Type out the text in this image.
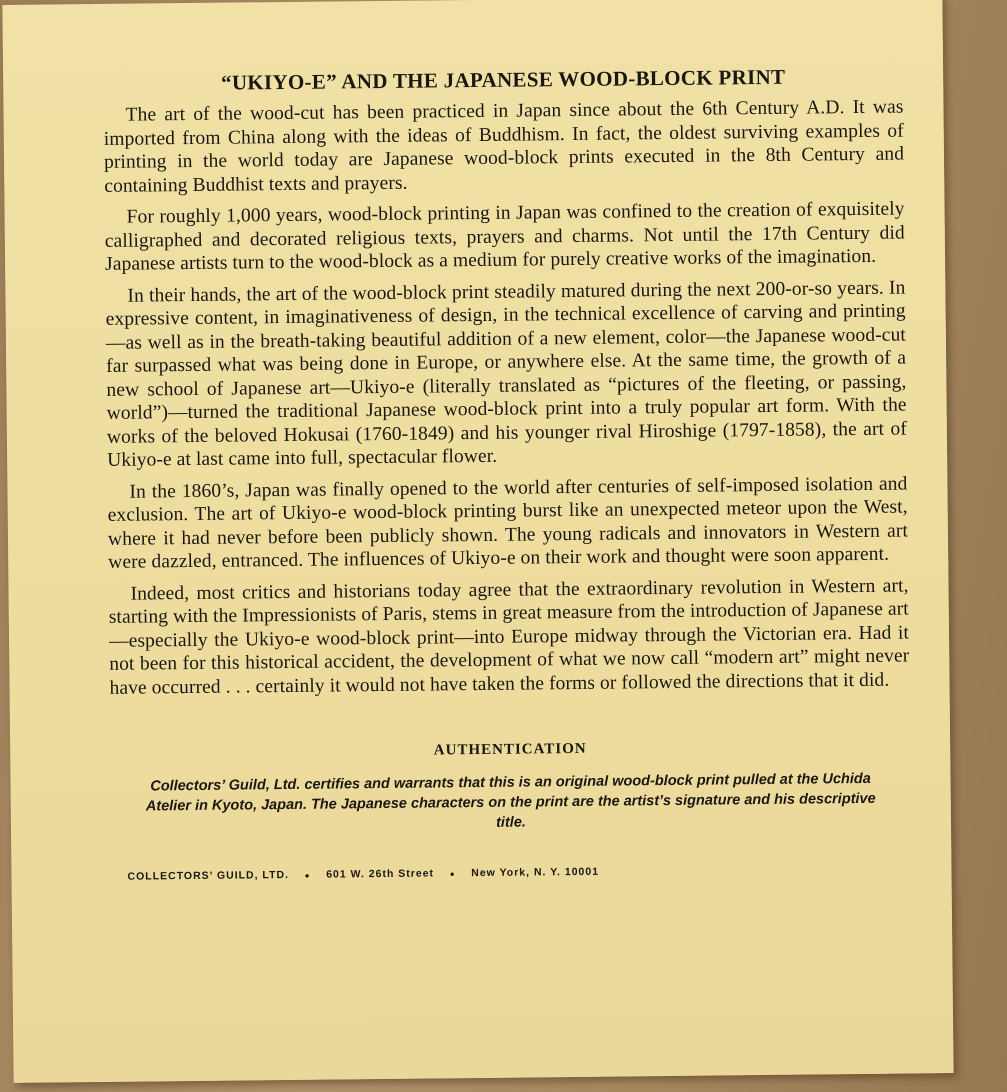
“UKIYO-E” AND THE JAPANESE WOOD-BLOCK PRINT

The art of the wood-cut has been practiced in Japan since about the 6th Century A.D. It was imported from China along with the ideas of Buddhism. In fact, the oldest surviving examples of printing in the world today are Japanese wood-block prints executed in the 8th Century and containing Buddhist texts and prayers.

For roughly 1,000 years, wood-block printing in Japan was confined to the creation of exquisitely calligraphed and decorated religious texts, prayers and charms. Not until the 17th Century did Japanese artists turn to the wood-block as a medium for purely creative works of the imagination.

In their hands, the art of the wood-block print steadily matured during the next 200-or-so years. In expressive content, in imaginativeness of design, in the technical excellence of carving and printing—as well as in the breath-taking beautiful addition of a new element, color—the Japanese wood-cut far surpassed what was being done in Europe, or anywhere else. At the same time, the growth of a new school of Japanese art—Ukiyo-e (literally translated as “pictures of the fleeting, or passing, world”)—turned the traditional Japanese wood-block print into a truly popular art form. With the works of the beloved Hokusai (1760-1849) and his younger rival Hiroshige (1797-1858), the art of Ukiyo-e at last came into full, spectacular flower.

In the 1860’s, Japan was finally opened to the world after centuries of self-imposed isolation and exclusion. The art of Ukiyo-e wood-block printing burst like an unexpected meteor upon the West, where it had never before been publicly shown. The young radicals and innovators in Western art were dazzled, entranced. The influences of Ukiyo-e on their work and thought were soon apparent.

Indeed, most critics and historians today agree that the extraordinary revolution in Western art, starting with the Impressionists of Paris, stems in great measure from the introduction of Japanese art—especially the Ukiyo-e wood-block print—into Europe midway through the Victorian era. Had it not been for this historical accident, the development of what we now call “modern art” might never have occurred . . . certainly it would not have taken the forms or followed the directions that it did.

AUTHENTICATION
Collectors’ Guild, Ltd. certifies and warrants that this is an original wood-block print pulled at the Uchida Atelier in Kyoto, Japan. The Japanese characters on the print are the artist’s signature and his descriptive title.
COLLECTORS’ GUILD, LTD. • 601 W. 26th Street • New York, N. Y. 10001
